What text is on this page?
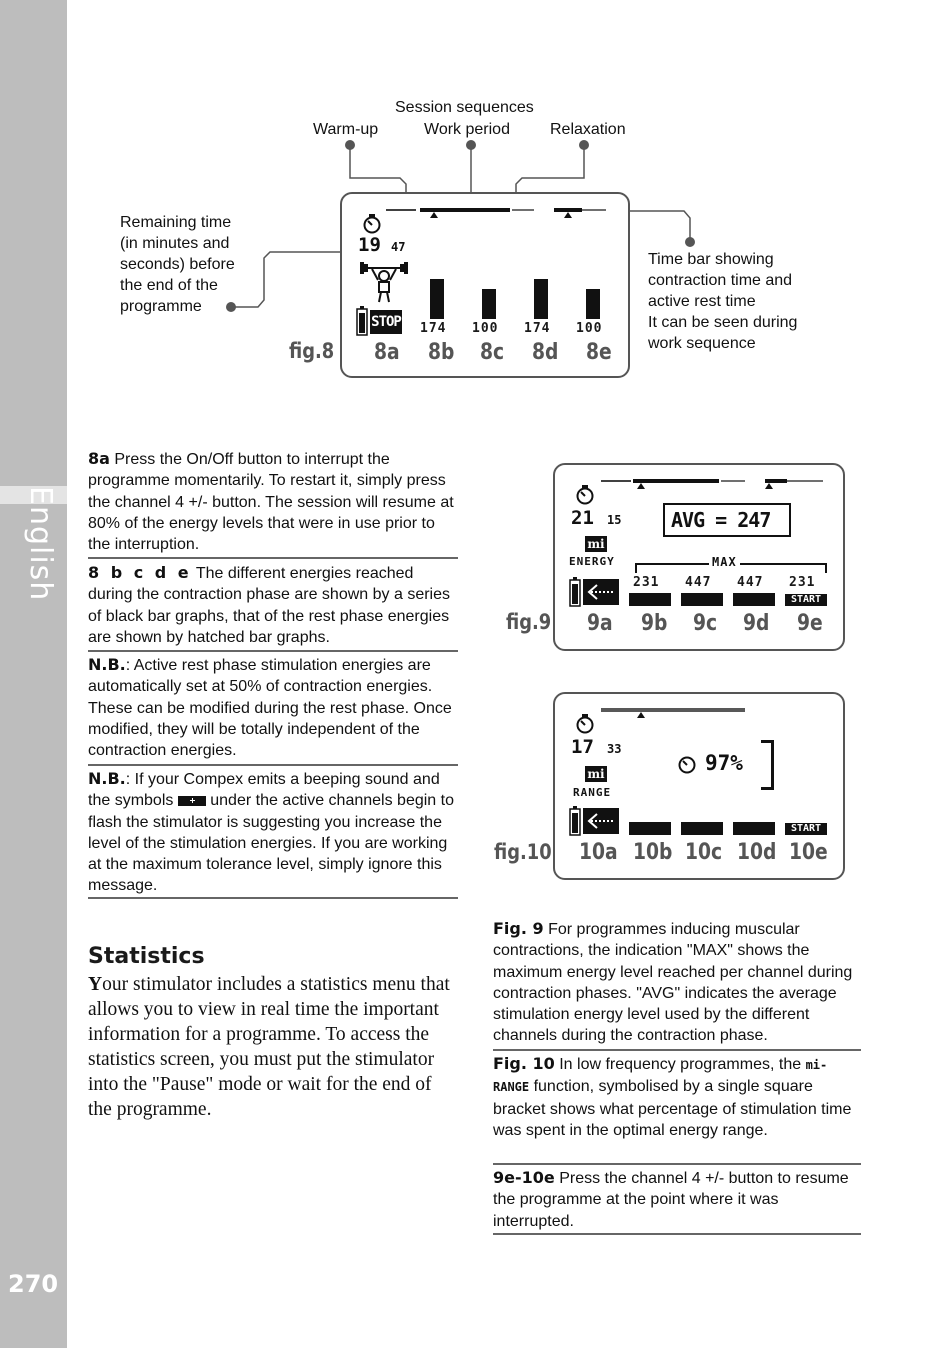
English
270
Session sequences
Warm-up	Work period	Relaxation
Remaining time
(in minutes and
seconds) before
the end of the
programme
Time bar showing
contraction time and
active rest time
It can be seen during
work sequence
fig.8
19 47
STOP 174 100 174 100
8a 8b 8c 8d 8e
8a Press the On/Off button to interrupt the programme momentarily. To restart it, simply press the channel 4 +/- button. The session will resume at 80% of the energy levels that were in use prior to the interruption.
8 b c d e The different energies reached during the contraction phase are shown by a series of black bar graphs, that of the rest phase energies are shown by hatched bar graphs.
N.B.: Active rest phase stimulation energies are automatically set at 50% of contraction energies. These can be modified during the rest phase. Once modified, they will be totally independent of the contraction energies.
N.B.: If your Compex emits a beeping sound and the symbols
under the active channels begin to flash the stimulator is suggesting you increase the level of the stimulation energies. If you are working at the maximum tolerance level, simply ignore this message.
Statistics
Your stimulator includes a statistics menu that allows you to view in real time the important information for a programme. To access the statistics screen, you must put the stimulator into the "Pause" mode or wait for the end of the programme.
fig.9
21 15 AVG = 247
mi
ENERGY	MAX
231 447 447 231
START
9a 9b 9c 9d 9e
fig.10
17 33
97%
mi
RANGE
START
10a 10b 10c 10d 10e
Fig. 9 For programmes inducing muscular contractions, the indication "MAX" shows the maximum energy level reached per channel during contraction phases. "AVG" indicates the average stimulation energy level used by the different channels during the contraction phase.
Fig. 10 In low frequency programmes, the mi-RANGE function, symbolised by a single square bracket shows what percentage of stimulation time was spent in the optimal energy range.
9e-10e Press the channel 4 +/- button to resume the programme at the point where it was interrupted.
